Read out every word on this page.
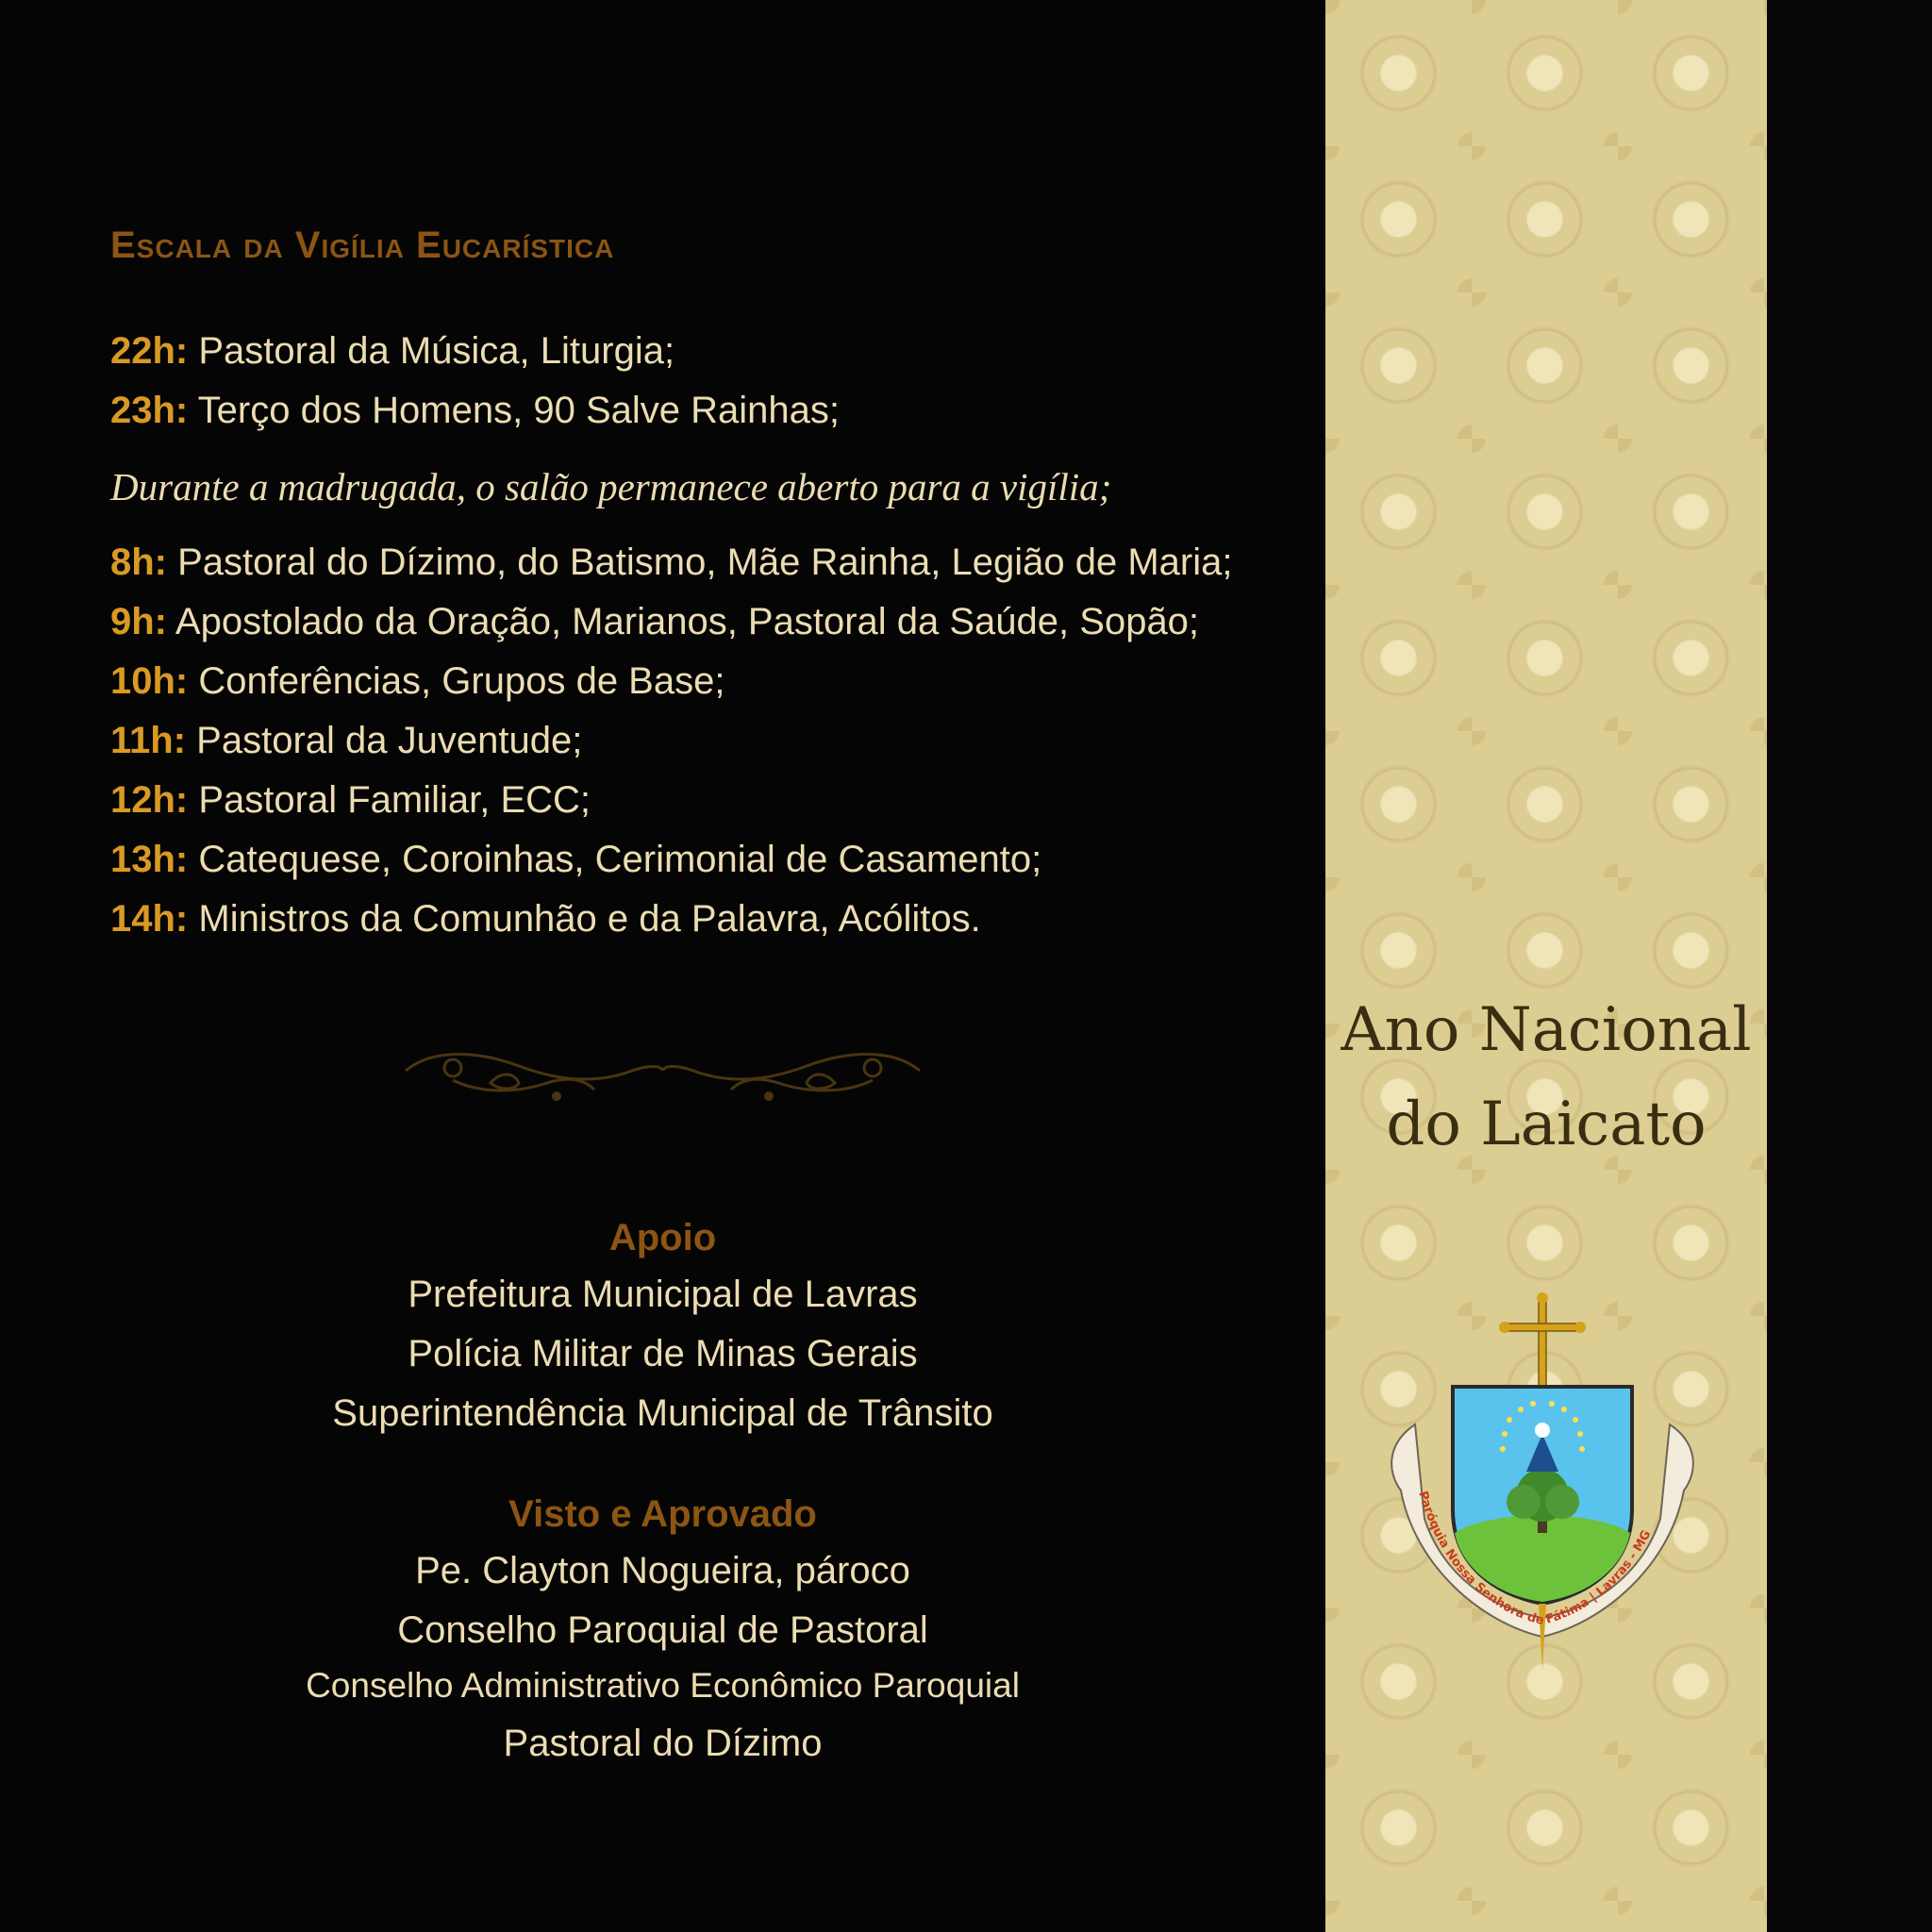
Escala da Vigília Eucarística
22h: Pastoral da Música, Liturgia;
23h: Terço dos Homens, 90 Salve Rainhas;
Durante a madrugada, o salão permanece aberto para a vigília;
8h: Pastoral do Dízimo, do Batismo, Mãe Rainha, Legião de Maria;
9h: Apostolado da Oração, Marianos, Pastoral da Saúde, Sopão;
10h: Conferências, Grupos de Base;
11h: Pastoral da Juventude;
12h: Pastoral Familiar, ECC;
13h: Catequese, Coroinhas, Cerimonial de Casamento;
14h: Ministros da Comunhão e da Palavra, Acólitos.
Apoio
Prefeitura Municipal de Lavras
Polícia Militar de Minas Gerais
Superintendência Municipal de Trânsito
Visto e Aprovado
Pe. Clayton Nogueira, pároco
Conselho Paroquial de Pastoral
Conselho Administrativo Econômico Paroquial
Pastoral do Dízimo
Ano Nacional
do Laicato
Paróquia Nossa Senhora de Fátima | Lavras - MG
